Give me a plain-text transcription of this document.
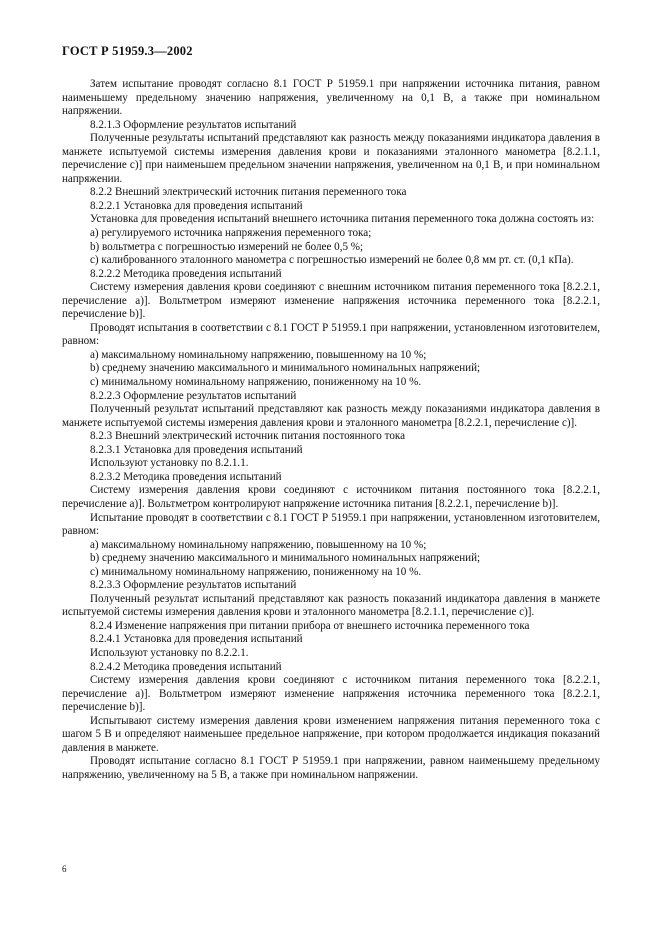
ГОСТ Р 51959.3—2002

Затем испытание проводят согласно 8.1 ГОСТ Р 51959.1 при напряжении источника питания, равном наименьшему предельному значению напряжения, увеличенному на 0,1 В, а также при номинальном напряжении.

8.2.1.3 Оформление результатов испытаний

Полученные результаты испытаний представляют как разность между показаниями индикатора давления в манжете испытуемой системы измерения давления крови и показаниями эталонного манометра [8.2.1.1, перечисление с)] при наименьшем предельном значении напряжения, увеличенном на 0,1 В, и при номинальном напряжении.

8.2.2 Внешний электрический источник питания переменного тока

8.2.2.1 Установка для проведения испытаний

Установка для проведения испытаний внешнего источника питания переменного тока должна состоять из:

a) регулируемого источника напряжения переменного тока;

b) вольтметра с погрешностью измерений не более 0,5 %;

c) калиброванного эталонного манометра с погрешностью измерений не более 0,8 мм рт. ст. (0,1 кПа).

8.2.2.2 Методика проведения испытаний

Систему измерения давления крови соединяют с внешним источником питания переменного тока [8.2.2.1, перечисление а)]. Вольтметром измеряют изменение напряжения источника переменного тока [8.2.2.1, перечисление b)].

Проводят испытания в соответствии с 8.1 ГОСТ Р 51959.1 при напряжении, установленном изготовителем, равном:

a) максимальному номинальному напряжению, повышенному на 10 %;

b) среднему значению максимального и минимального номинальных напряжений;

c) минимальному номинальному напряжению, пониженному на 10 %.

8.2.2.3 Оформление результатов испытаний

Полученный результат испытаний представляют как разность между показаниями индикатора давления в манжете испытуемой системы измерения давления крови и эталонного манометра [8.2.2.1, перечисление с)].

8.2.3 Внешний электрический источник питания постоянного тока

8.2.3.1 Установка для проведения испытаний

Используют установку по 8.2.1.1.

8.2.3.2 Методика проведения испытаний

Систему измерения давления крови соединяют с источником питания постоянного тока [8.2.2.1, перечисление а)]. Вольтметром контролируют напряжение источника питания [8.2.2.1, перечисление b)].

Испытание проводят в соответствии с 8.1 ГОСТ Р 51959.1 при напряжении, установленном изготовителем, равном:

a) максимальному номинальному напряжению, повышенному на 10 %;

b) среднему значению максимального и минимального номинальных напряжений;

c) минимальному номинальному напряжению, пониженному на 10 %.

8.2.3.3 Оформление результатов испытаний

Полученный результат испытаний представляют как разность показаний индикатора давления в манжете испытуемой системы измерения давления крови и эталонного манометра [8.2.1.1, перечисление с)].

8.2.4 Изменение напряжения при питании прибора от внешнего источника переменного тока

8.2.4.1 Установка для проведения испытаний

Используют установку по 8.2.2.1.

8.2.4.2 Методика проведения испытаний

Систему измерения давления крови соединяют с источником питания переменного тока [8.2.2.1, перечисление а)]. Вольтметром измеряют изменение напряжения источника переменного тока [8.2.2.1, перечисление b)].

Испытывают систему измерения давления крови изменением напряжения питания переменного тока с шагом 5 В и определяют наименьшее предельное напряжение, при котором продолжается индикация показаний давления в манжете.

Проводят испытание согласно 8.1 ГОСТ Р 51959.1 при напряжении, равном наименьшему предельному напряжению, увеличенному на 5 В, а также при номинальном напряжении.

6
